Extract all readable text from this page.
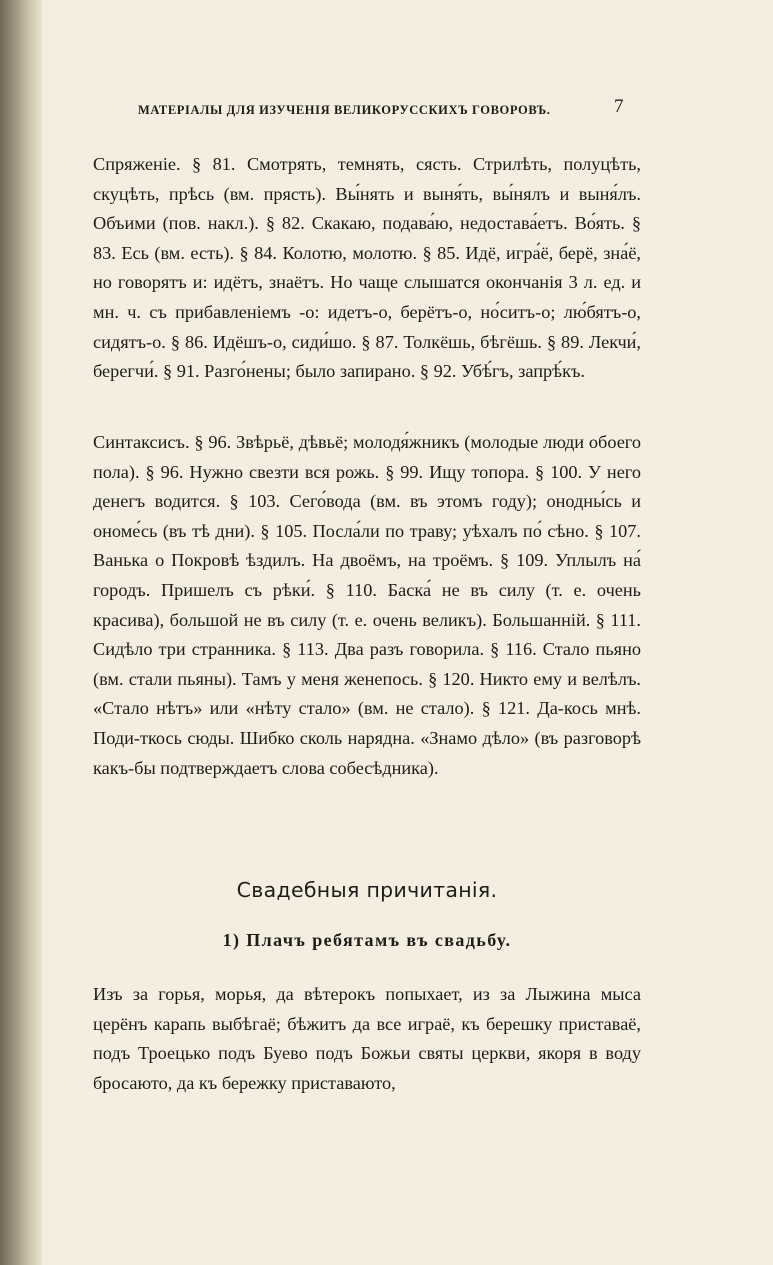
МАТЕРІАЛЫ ДЛЯ ИЗУЧЕНІЯ ВЕЛИКОРУССКИХЪ ГОВОРОВЪ.	7

Спряженіе. § 81. Смотрять, темнять, сясть. Стрилѣть, полуцѣть, скуцѣть, прѣсь (вм. прясть). Вы́нять и выня́ть, вы́нялъ и выня́лъ. Объими (пов. накл.). § 82. Скакаю, подава́ю, недостава́етъ. Во́ять. § 83. Есь (вм. есть). § 84. Колотю, молотю. § 85. Идё, игра́ё, берё, зна́ё, но говорятъ и: идётъ, знаётъ. Но чаще слышатся окончанія 3 л. ед. и мн. ч. съ прибавленіемъ -о: идетъ-о, берётъ-о, но́ситъ-о; лю́бятъ-о, сидятъ-о. § 86. Идёшъ-о, сиди́шо. § 87. Толкёшь, бѣгёшь. § 89. Лекчи́, берегчи́. § 91. Разго́нены; было запирано. § 92. Убѣ́гъ, запрѣ́къ.

Синтаксисъ. § 96. Звѣрьё, дѣвьё; молодя́жникъ (молодые люди обоего пола). § 96. Нужно свезти вся рожь. § 99. Ищу топора. § 100. У него денегъ водится. § 103. Сего́вода (вм. въ этомъ году); онодны́сь и ономе́сь (въ тѣ дни). § 105. Посла́ли по траву; уѣхалъ по́ сѣно. § 107. Ванька о Покровѣ ѣздилъ. На двоёмъ, на троёмъ. § 109. Уплылъ на́ городъ. Пришелъ съ рѣки́. § 110. Баска́ не въ силу (т. е. очень красива), большой не въ силу (т. е. очень великъ). Большаннiй. § 111. Сидѣло три странника. § 113. Два разъ говорила. § 116. Стало пьяно (вм. стали пьяны). Тамъ у меня женепось. § 120. Никто ему и велѣлъ. «Стало нѣтъ» или «нѣту стало» (вм. не стало). § 121. Да-кось мнѣ. Поди-ткось сюды. Шибко сколь нарядна. «Знамо дѣло» (въ разговорѣ какъ-бы подтверждаетъ слова собесѣдника).

Свадебныя причитанія.
1) Плачъ ребятамъ въ свадьбу.

Изъ за горья, морья, да вѣтерокъ попыхает, из за Лыжина мыса церёнъ карапь выбѣгаё; бѣжитъ да все играё, къ берешку приставаё, подъ Троецько подъ Буево подъ Божьи святы церкви, якоря в воду бросаюто, да къ бережку приставаюто,
